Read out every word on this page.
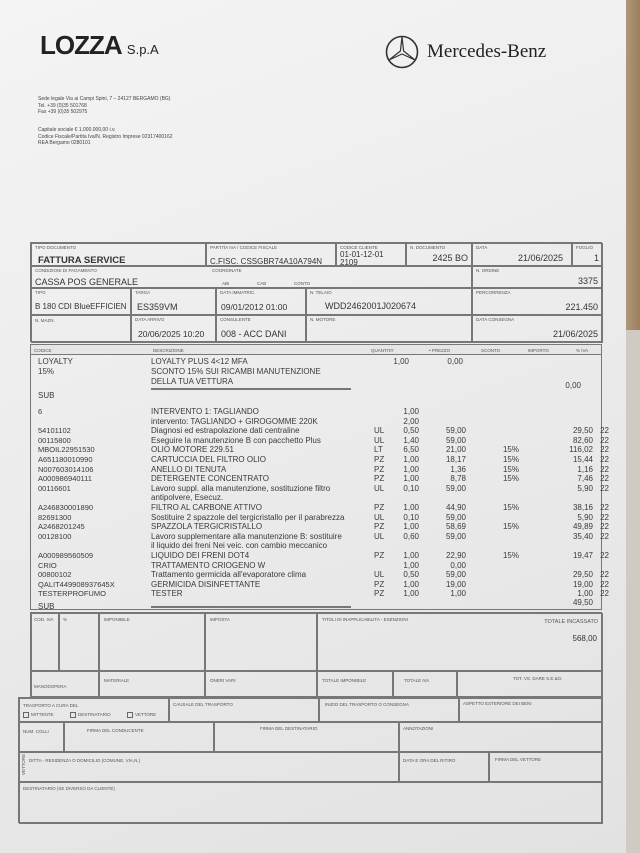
LOZZA S.p.A	Mercedes-Benz
Sede legale Via ai Campi Spini, 7 – 24127 BERGAMO (BG)
Tel. +39 (0)35 501768
Fax +39 (0)35 502975
Capitale sociale € 1.000.000,00 i.v.
Codice Fiscale/Partita Iva/N. Registro Imprese 02317400162
REA Bergamo 0280101
TIPO DOCUMENTO
FATTURA SERVICE
PARTITA IVA / CODICE FISCALE
C.FISC. CSSGBR74A10A794N
CODICE CLIENTE
01-01-12-01
2109
N. DOCUMENTO
2425 BO
DATA
21/06/2025
FOGLIO
1
CONDIZIONI DI PAGAMENTO
CASSA POS GENERALE
COORDINATE
ABI	CAB	CONTO
N. ORDINE
3375
TIPO
B 180 CDI BlueEFFICIEN
TARGA
ES359VM
DATA IMMATRIC.
09/01/2012 01:00
N. TELAIO
WDD2462001J020674
PERCORRENZA
221.450
N. MAZN.	DATA ARRIVO
20/06/2025 10:20
CONSULENTE
008 - ACC DANI
N. MOTORE	DATA CONSEGNA
21/06/2025
CODICE	DESCRIZIONE	QUANTITA'	• PREZZO	SCONTO	IMPORTO	% IVA
LOYALTY	LOYALTY PLUS 4<12 MFA	1,00	0,00
15%	SCONTO 15% SUI RICAMBI MANUTENZIONE
DELLA TUA VETTURA	0,00
SUB
6	INTERVENTO 1: TAGLIANDO	1,00
intervento: TAGLIANDO + GIROGOMME 220K	2,00
54101102	Diagnosi ed estrapolazione dati centraline	UL 0,50	59,00	29,50 22
00115800	Eseguire la manutenzione B con pacchetto Plus	UL 1,40	59,00	82,60 22
MBOIL22951530	OLIO MOTORE 229.51	LT	6,50	21,00	15%	116,02 22
A651180010990	CARTUCCIA DEL FILTRO OLIO	PZ 1,00	18,17	15%	15,44 22
N007603014106	ANELLO DI TENUTA	PZ 1,00	1,36	15%	1,16 22
A000986940111	DETERGENTE CONCENTRATO	PZ 1,00	8,78	15%	7,46 22
00116601	Lavoro suppl. alla manutenzione, sostituzione filtro	UL 0,10	59,00	5,90 22
antipolvere, Esecuz.
A246830001890	FILTRO AL CARBONE ATTIVO	PZ 1,00	44,90	15%	38,16 22
82691300	Sostituire 2 spazzole del tergicristallo per il parabrezza	UL 0,10	59,00	5,90 22
A2468201245	SPAZZOLA TERGICRISTALLO	PZ 1,00	58,69	15%	49,89 22
00128100	Lavoro supplementare alla manutenzione B: sostituire	UL 0,60	59,00	35,40 22
il liquido dei freni Nei veic. con cambio meccanico
A000989560509	LIQUIDO DEI FRENI DOT4	PZ 1,00	22,90	15%	19,47 22
CRIO	TRATTAMENTO CRIOGENO W	1,00	0,00
00800102	Trattamento germicida all'evaporatore clima	UL 0,50	59,00	29,50 22
QALIT449908937645X	GERMICIDA DISINFETTANTE	PZ 1,00	19,00	19,00 22
TESTERPROFUMO	TESTER	PZ 1,00	1,00	1,00 22
SUB	49,50
COD. IVA %	IMPONIBILE	IMPOSTA	TITOLI DI INAPPLICABILITA - ESENZIONI	TOTALE INCASSATO
568,00
MANODOPERA
MATERIALE	ONERI VARI	TOTALE IMPONIBILE	TOTALE IVA	TOT. VS. DARE S.E.&O.
TRASPORTO A CURA DEL
MITTENTE	DESTINATARIO	VETTORE
CAUSALE DEL TRASPORTO	INIZIO DEL TRASPORTO O CONSEGNA	ASPETTO ESTERIORE DEI BENI
NUM. COLLI	FIRMA DEL CONDUCENTE	FIRMA DEL DESTINATARIO	ANNOTAZIONI
VETTORE DITTA - RESIDENZA O DOMICILIO (COMUNE, VIA,N.)	DATA E ORA DEL RITIRO	FIRMA DEL VETTORE
DESTINATARIO (SE DIVERSO DA CLIENTE)
